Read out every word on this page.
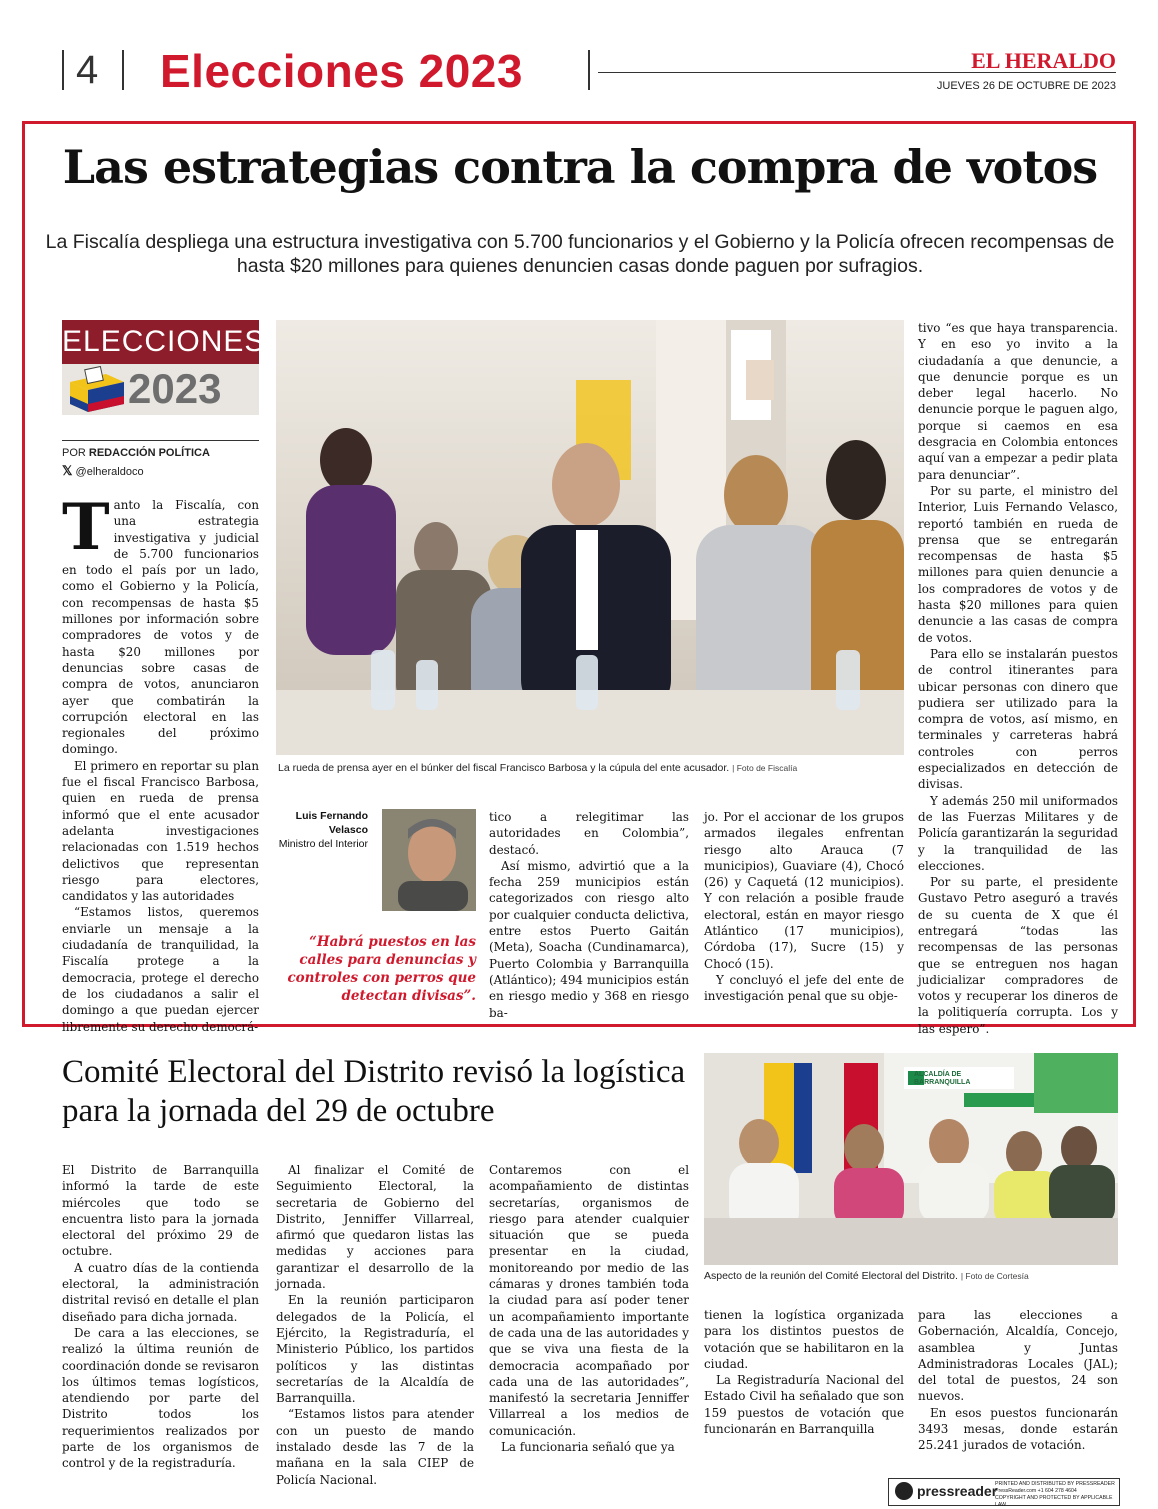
4 Elecciones 2023	EL HERALDO
JUEVES 26 DE OCTUBRE DE 2023
Las estrategias contra la compra de votos
La Fiscalía despliega una estructura investigativa con 5.700 funcionarios y el Gobierno y la Policía ofrecen recompensas de hasta $20 millones para quienes denuncien casas donde paguen por sufragios.
ELECCIONES
2023
POR REDACCIÓN POLÍTICA
𝕏 @elheraldoco

Tanto la Fiscalía, con una estrategia investigativa y judicial de 5.700 funcionarios en todo el país por un lado, como el Gobierno y la Policía, con recompensas de hasta $5 millones por información sobre compradores de votos y de hasta $20 millones por denuncias sobre casas de compra de votos, anunciaron ayer que combatirán la corrupción electoral en las regionales del próximo domingo.

El primero en reportar su plan fue el fiscal Francisco Barbosa, quien en rueda de prensa informó que el ente acusador adelanta investigaciones relacionadas con 1.519 hechos delictivos que representan riesgo para electores, candidatos y las autoridades

“Estamos listos, queremos enviarle un mensaje a la ciudadanía de tranquilidad, la Fiscalía protege a la democracia, protege el derecho de los ciudadanos a salir el domingo a que puedan ejercer libremente su derecho democrá-

La rueda de prensa ayer en el búnker del fiscal Francisco Barbosa y la cúpula del ente acusador. | Foto de Fiscalía
Luis Fernando Velasco
Ministro del Interior
“Habrá puestos en las calles para denuncias y controles con perros que detectan divisas”.

tico a relegitimar las autoridades en Colombia”, destacó.

Así mismo, advirtió que a la fecha 259 municipios están categorizados con riesgo alto por cualquier conducta delictiva, entre estos Puerto Gaitán (Meta), Soacha (Cundinamarca), Puerto Colombia y Barranquilla (Atlántico); 494 municipios están en riesgo medio y 368 en riesgo ba-

jo. Por el accionar de los grupos armados ilegales enfrentan riesgo alto Arauca (7 municipios), Guaviare (4), Chocó (26) y Caquetá (12 municipios). Y con relación a posible fraude electoral, están en mayor riesgo Atlántico (17 municipios), Córdoba (17), Sucre (15) y Chocó (15).

Y concluyó el jefe del ente de investigación penal que su obje-

tivo “es que haya transparencia. Y en eso yo invito a la ciudadanía a que denuncie, a que denuncie porque es un deber legal hacerlo. No denuncie porque le paguen algo, porque si caemos en esa desgracia en Colombia entonces aquí van a empezar a pedir plata para denunciar”.

Por su parte, el ministro del Interior, Luis Fernando Velasco, reportó también en rueda de prensa que se entregarán recompensas de hasta $5 millones para quien denuncie a los compradores de votos y de hasta $20 millones para quien denuncie a las casas de compra de votos.

Para ello se instalarán puestos de control itinerantes para ubicar personas con dinero que pudiera ser utilizado para la compra de votos, así mismo, en terminales y carreteras habrá controles con perros especializados en detección de divisas.

Y además 250 mil uniformados de las Fuerzas Militares y de Policía garantizarán la seguridad y la tranquilidad de las elecciones.

Por su parte, el presidente Gustavo Petro aseguró a través de su cuenta de X que él entregará “todas las recompensas de las personas que se entreguen nos hagan judicializar compradores de votos y recuperar los dineros de la politiquería corrupta. Los y las espero”.

Comité Electoral del Distrito revisó la logística para la jornada del 29 de octubre
ALCALDÍA DE BARRANQUILLA
Aspecto de la reunión del Comité Electoral del Distrito. | Foto de Cortesía

El Distrito de Barranquilla informó la tarde de este miércoles que todo se encuentra listo para la jornada electoral del próximo 29 de octubre.

A cuatro días de la contienda electoral, la administración distrital revisó en detalle el plan diseñado para dicha jornada.

De cara a las elecciones, se realizó la última reunión de coordinación donde se revisaron los últimos temas logísticos, atendiendo por parte del Distrito todos los requerimientos realizados por parte de los organismos de control y de la registraduría.

Al finalizar el Comité de Seguimiento Electoral, la secretaria de Gobierno del Distrito, Jenniffer Villarreal, afirmó que quedaron listas las medidas y acciones para garantizar el desarrollo de la jornada.

En la reunión participaron delegados de la Policía, el Ejército, la Registraduría, el Ministerio Público, los partidos políticos y las distintas secretarías de la Alcaldía de Barranquilla.

“Estamos listos para atender con un puesto de mando instalado desde las 7 de la mañana en la sala CIEP de Policía Nacional.

Contaremos con el acompañamiento de distintas secretarías, organismos de riesgo para atender cualquier situación que se pueda presentar en la ciudad, monitoreando por medio de las cámaras y drones también toda la ciudad para así poder tener un acompañamiento importante de cada una de las autoridades y que se viva una fiesta de la democracia acompañado por cada una de las autoridades”, manifestó la secretaria Jenniffer Villarreal a los medios de comunicación.

La funcionaria señaló que ya

tienen la logística organizada para los distintos puestos de votación que se habilitaron en la ciudad.

La Registraduría Nacional del Estado Civil ha señalado que son 159 puestos de votación que funcionarán en Barranquilla

para las elecciones a Gobernación, Alcaldía, Concejo, asamblea y Juntas Administradoras Locales (JAL); del total de puestos, 24 son nuevos.

En esos puestos funcionarán 3493 mesas, donde estarán 25.241 jurados de votación.

pressreader
PRINTED AND DISTRIBUTED BY PRESSREADER
PressReader.com +1 604 278 4604
COPYRIGHT AND PROTECTED BY APPLICABLE LAW
